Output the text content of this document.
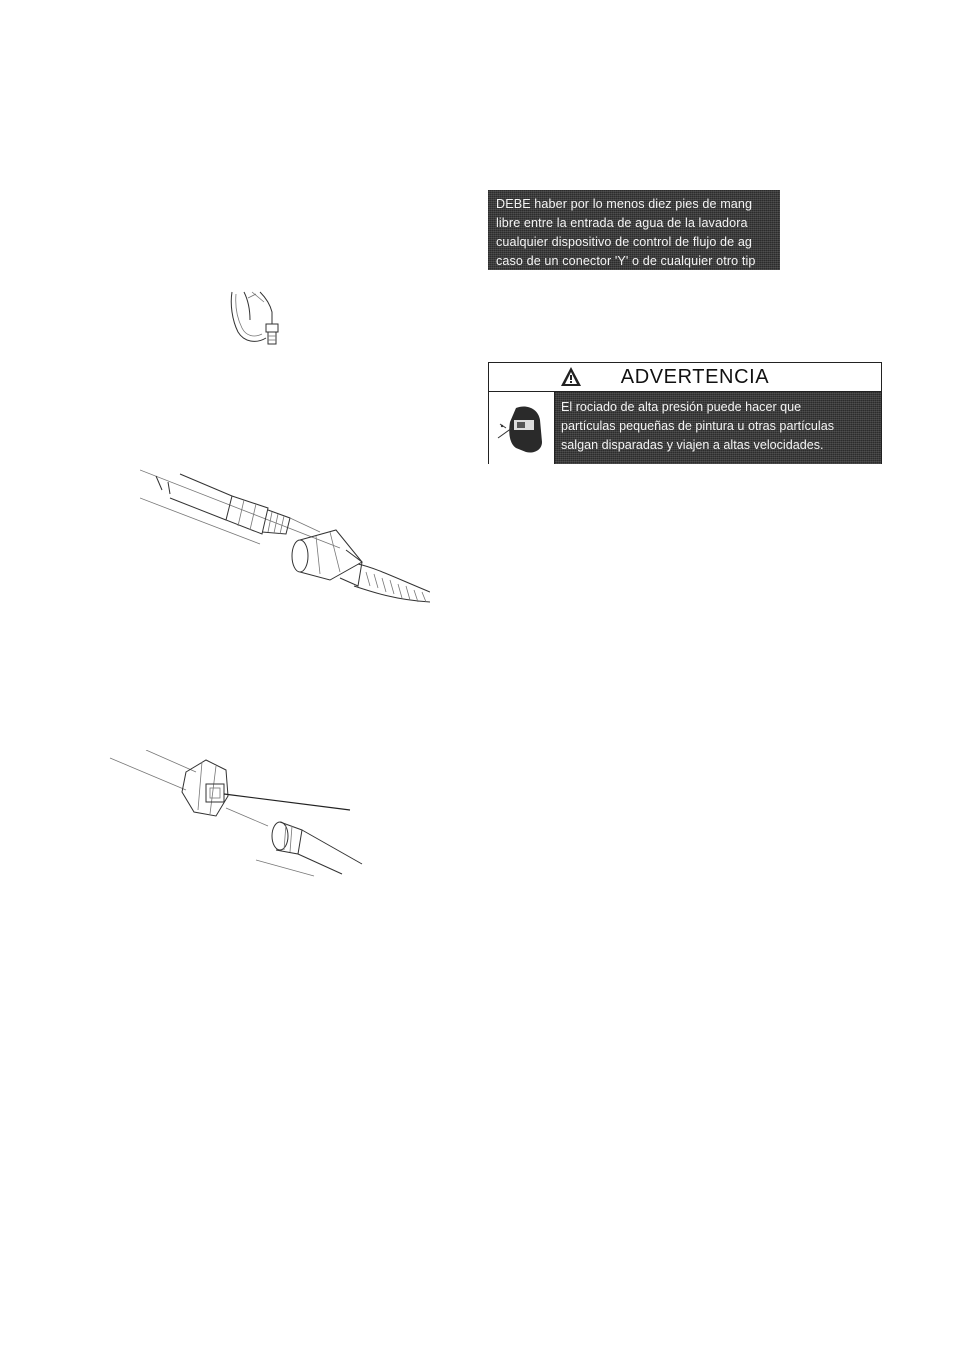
DEBE haber por lo menos diez pies de mang
libre entre la entrada de agua de la lavadora
cualquier dispositivo de control de flujo de ag
caso de un conector 'Y' o de cualquier otro tip
ADVERTENCIA
El rociado de alta presión puede hacer que
partículas pequeñas de pintura u otras partículas
salgan disparadas y viajen a altas velocidades.
